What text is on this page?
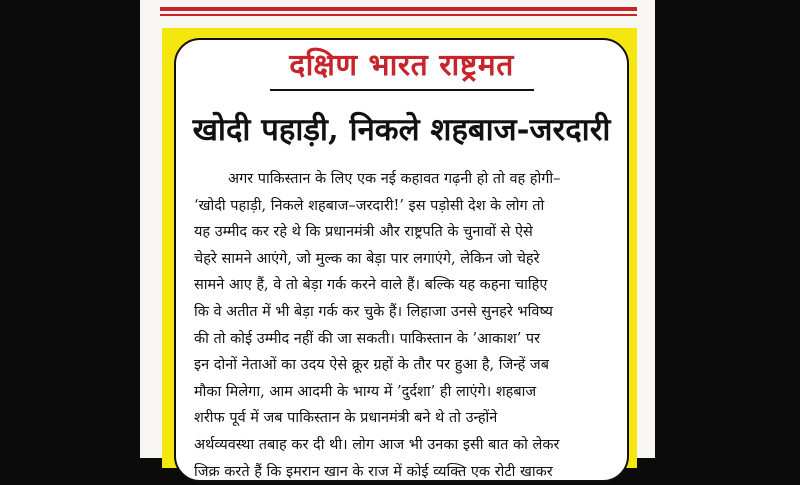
दक्षिण भारत राष्ट्रमत
खोदी पहाड़ी, निकले शहबाज-जरदारी
अगर पाकिस्तान के लिए एक नई कहावत गढ़नी हो तो वह होगी–
‘खोदी पहाड़ी, निकले शहबाज–जरदारी!’ इस पड़ोसी देश के लोग तो
यह उम्मीद कर रहे थे कि प्रधानमंत्री और राष्ट्रपति के चुनावों से ऐसे
चेहरे सामने आएंगे, जो मुल्क का बेड़ा पार लगाएंगे, लेकिन जो चेहरे
सामने आए हैं, वे तो बेड़ा गर्क करने वाले हैं। बल्कि यह कहना चाहिए
कि वे अतीत में भी बेड़ा गर्क कर चुके हैं। लिहाजा उनसे सुनहरे भविष्य
की तो कोई उम्मीद नहीं की जा सकती। पाकिस्तान के ’आकाश’ पर
इन दोनों नेताओं का उदय ऐसे क्रूर ग्रहों के तौर पर हुआ है, जिन्हें जब
मौका मिलेगा, आम आदमी के भाग्य में ’दुर्दशा’ ही लाएंगे। शहबाज
शरीफ पूर्व में जब पाकिस्तान के प्रधानमंत्री बने थे तो उन्होंने
अर्थव्यवस्था तबाह कर दी थी। लोग आज भी उनका इसी बात को लेकर
जिक्र करते हैं कि इमरान खान के राज में कोई व्यक्ति एक रोटी खाकर
